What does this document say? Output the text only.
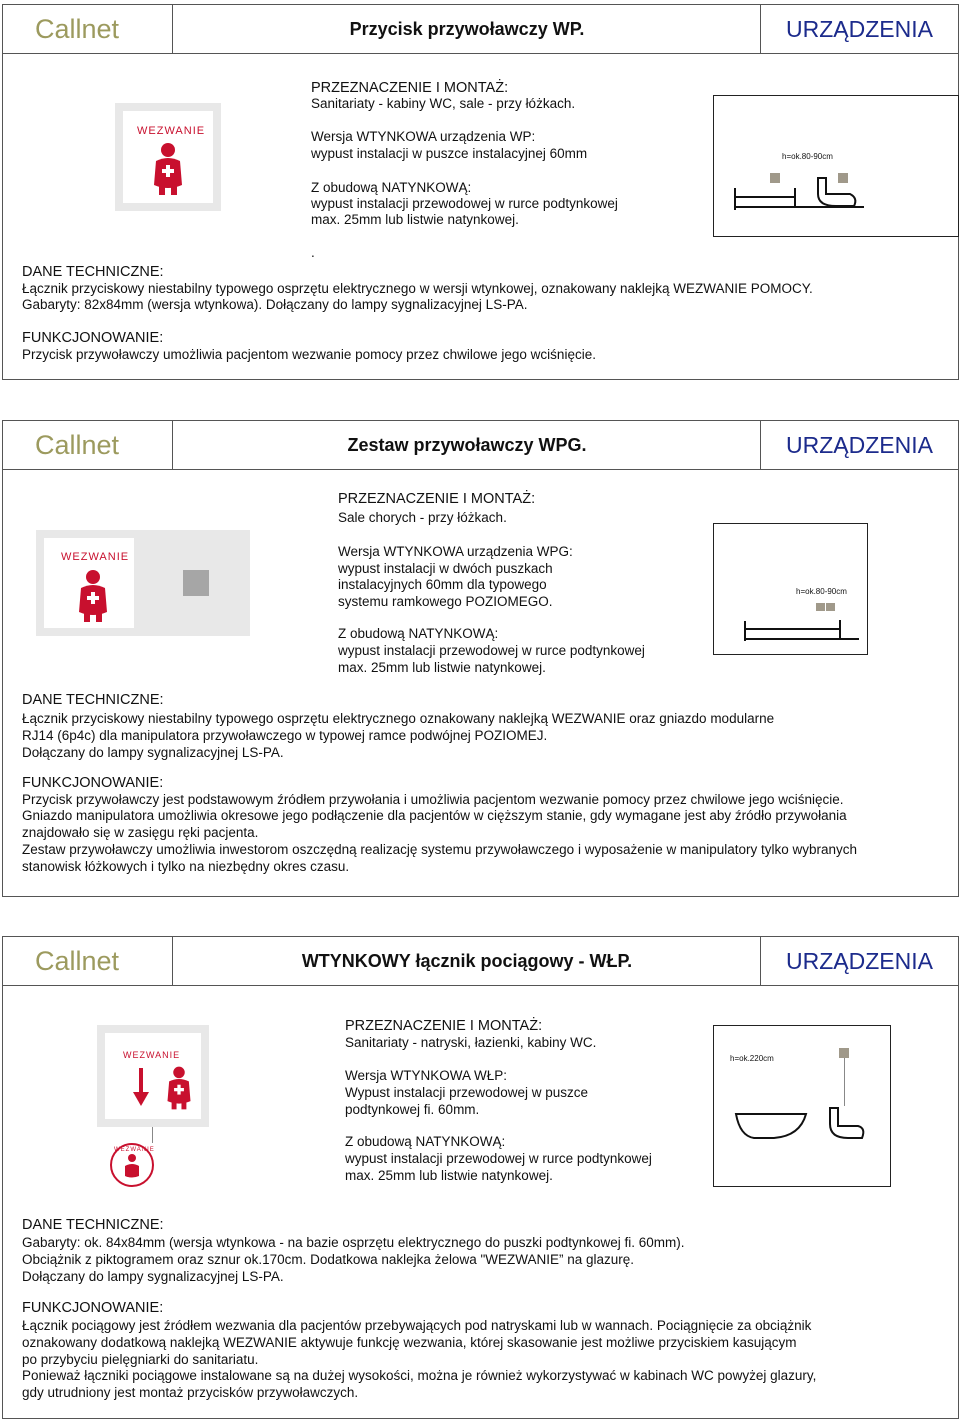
Callnet	Przycisk przywoławczy WP.	URZĄDZENIA
WEZWANIE
PRZEZNACZENIE I MONTAŻ:
Sanitariaty - kabiny WC, sale - przy łóżkach.
Wersja WTYNKOWA urządzenia WP:
wypust instalacji w puszce instalacyjnej 60mm
Z obudową NATYNKOWĄ:
wypust instalacji przewodowej w rurce podtynkowej
max. 25mm lub listwie natynkowej.
.
h=ok.80-90cm
DANE TECHNICZNE:
Łącznik przyciskowy niestabilny typowego osprzętu elektrycznego w wersji wtynkowej, oznakowany naklejką WEZWANIE POMOCY.
Gabaryty: 82x84mm (wersja wtynkowa). Dołączany do lampy sygnalizacyjnej LS-PA.
FUNKCJONOWANIE:
Przycisk przywoławczy umożliwia pacjentom wezwanie pomocy przez chwilowe jego wciśnięcie.
Callnet	Zestaw przywoławczy WPG.	URZĄDZENIA
WEZWANIE
PRZEZNACZENIE I MONTAŻ:
Sale chorych - przy łóżkach.
Wersja WTYNKOWA urządzenia WPG:
wypust instalacji w dwóch puszkach
instalacyjnych 60mm dla typowego
systemu ramkowego POZIOMEGO.
Z obudową NATYNKOWĄ:
wypust instalacji przewodowej w rurce podtynkowej
max. 25mm lub listwie natynkowej.
h=ok.80-90cm
DANE TECHNICZNE:
Łącznik przyciskowy niestabilny typowego osprzętu elektrycznego oznakowany naklejką WEZWANIE oraz gniazdo modularne
RJ14 (6p4c) dla manipulatora przywoławczego w typowej ramce podwójnej POZIOMEJ.
Dołączany do lampy sygnalizacyjnej LS-PA.
FUNKCJONOWANIE:
Przycisk przywoławczy jest podstawowym źródłem przywołania i umożliwia pacjentom wezwanie pomocy przez chwilowe jego wciśnięcie.
Gniazdo manipulatora umożliwia okresowe jego podłączenie dla pacjentów w cięższym stanie, gdy wymagane jest aby źródło przywołania
znajdowało się w zasięgu ręki pacjenta.
Zestaw przywoławczy umożliwia inwestorom oszczędną realizację systemu przywoławczego i wyposażenie w manipulatory tylko wybranych
stanowisk łóżkowych i tylko na niezbędny okres czasu.
Callnet	WTYNKOWY łącznik pociągowy - WŁP.	URZĄDZENIA
WEZWANIE
WEZWANIE
PRZEZNACZENIE I MONTAŻ:
Sanitariaty - natryski, łazienki, kabiny WC.
Wersja WTYNKOWA WŁP:
Wypust instalacji przewodowej w puszce
podtynkowej fi. 60mm.
Z obudową NATYNKOWĄ:
wypust instalacji przewodowej w rurce podtynkowej
max. 25mm lub listwie natynkowej.
h=ok.220cm
DANE TECHNICZNE:
Gabaryty: ok. 84x84mm (wersja wtynkowa - na bazie osprzętu elektrycznego do puszki podtynkowej fi. 60mm).
Obciążnik z piktogramem oraz sznur ok.170cm. Dodatkowa naklejka żelowa "WEZWANIE” na glazurę.
Dołączany do lampy sygnalizacyjnej LS-PA.
FUNKCJONOWANIE:
Łącznik pociągowy jest źródłem wezwania dla pacjentów przebywających pod natryskami lub w wannach. Pociągnięcie za obciążnik
oznakowany dodatkową naklejką WEZWANIE aktywuje funkcję wezwania, której skasowanie jest możliwe przyciskiem kasującym
po przybyciu pielęgniarki do sanitariatu.
Ponieważ łączniki pociągowe instalowane są na dużej wysokości, można je również wykorzystywać w kabinach WC powyżej glazury,
gdy utrudniony jest montaż przycisków przywoławczych.
